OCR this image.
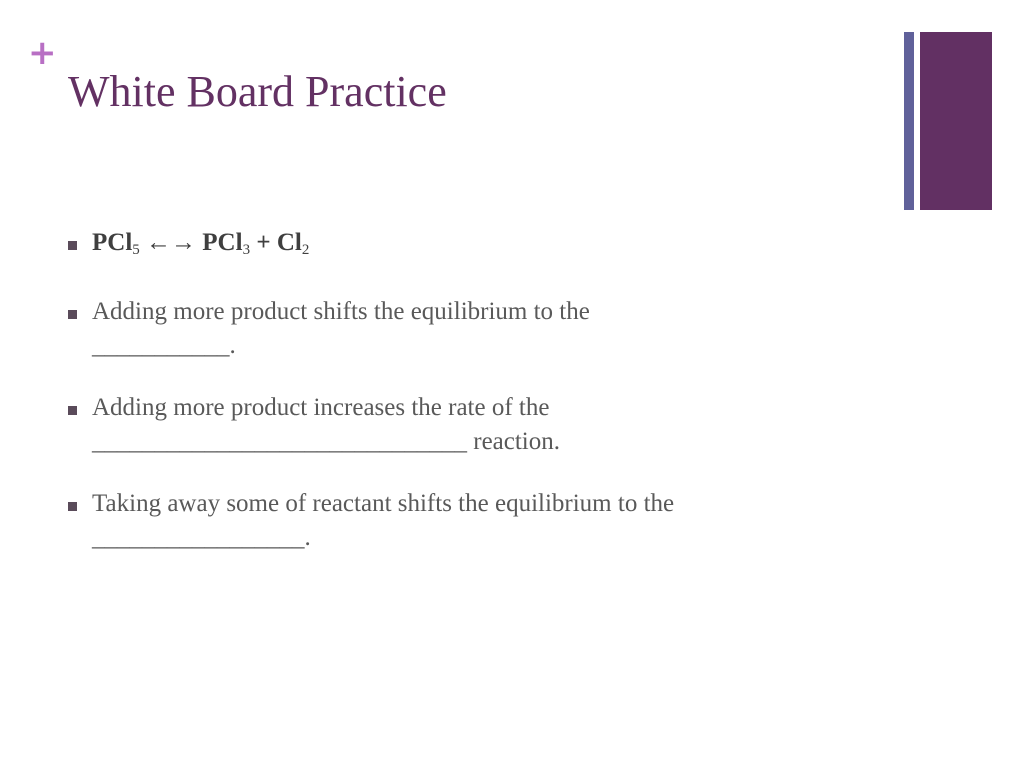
+
White Board Practice
PCl$_5$ ←→ $PCl_3 + Cl_2$
Adding more product shifts the equilibrium to the
___________.
Adding more product increases the rate of the
______________________________ reaction.
Taking away some of reactant shifts the equilibrium to the
_________________.
